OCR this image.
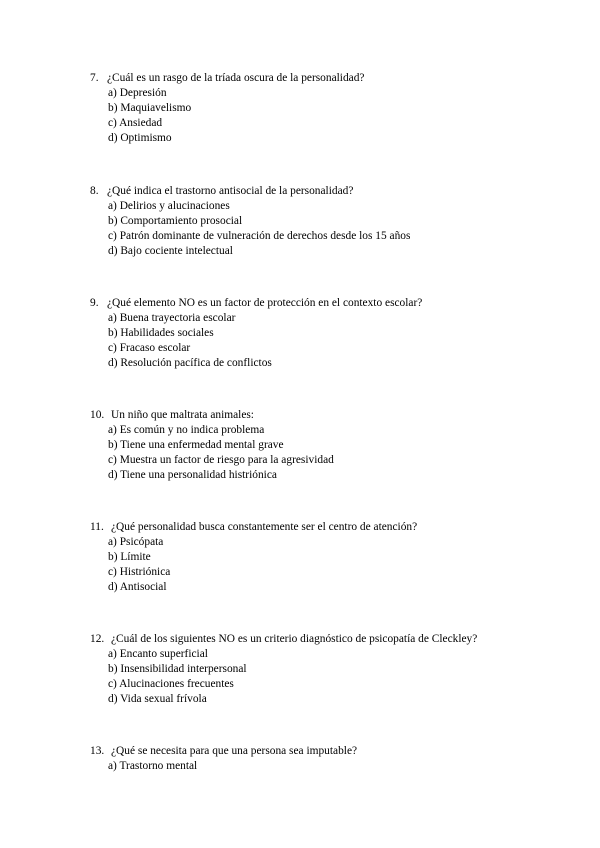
7. ¿Cuál es un rasgo de la tríada oscura de la personalidad?
a) Depresión
b) Maquiavelismo
c) Ansiedad
d) Optimismo
8. ¿Qué indica el trastorno antisocial de la personalidad?
a) Delirios y alucinaciones
b) Comportamiento prosocial
c) Patrón dominante de vulneración de derechos desde los 15 años
d) Bajo cociente intelectual
9. ¿Qué elemento NO es un factor de protección en el contexto escolar?
a) Buena trayectoria escolar
b) Habilidades sociales
c) Fracaso escolar
d) Resolución pacífica de conflictos
10. Un niño que maltrata animales:
a) Es común y no indica problema
b) Tiene una enfermedad mental grave
c) Muestra un factor de riesgo para la agresividad
d) Tiene una personalidad histriónica
11. ¿Qué personalidad busca constantemente ser el centro de atención?
a) Psicópata
b) Límite
c) Histriónica
d) Antisocial
12. ¿Cuál de los siguientes NO es un criterio diagnóstico de psicopatía de Cleckley?
a) Encanto superficial
b) Insensibilidad interpersonal
c) Alucinaciones frecuentes
d) Vida sexual frívola
13. ¿Qué se necesita para que una persona sea imputable?
a) Trastorno mental
